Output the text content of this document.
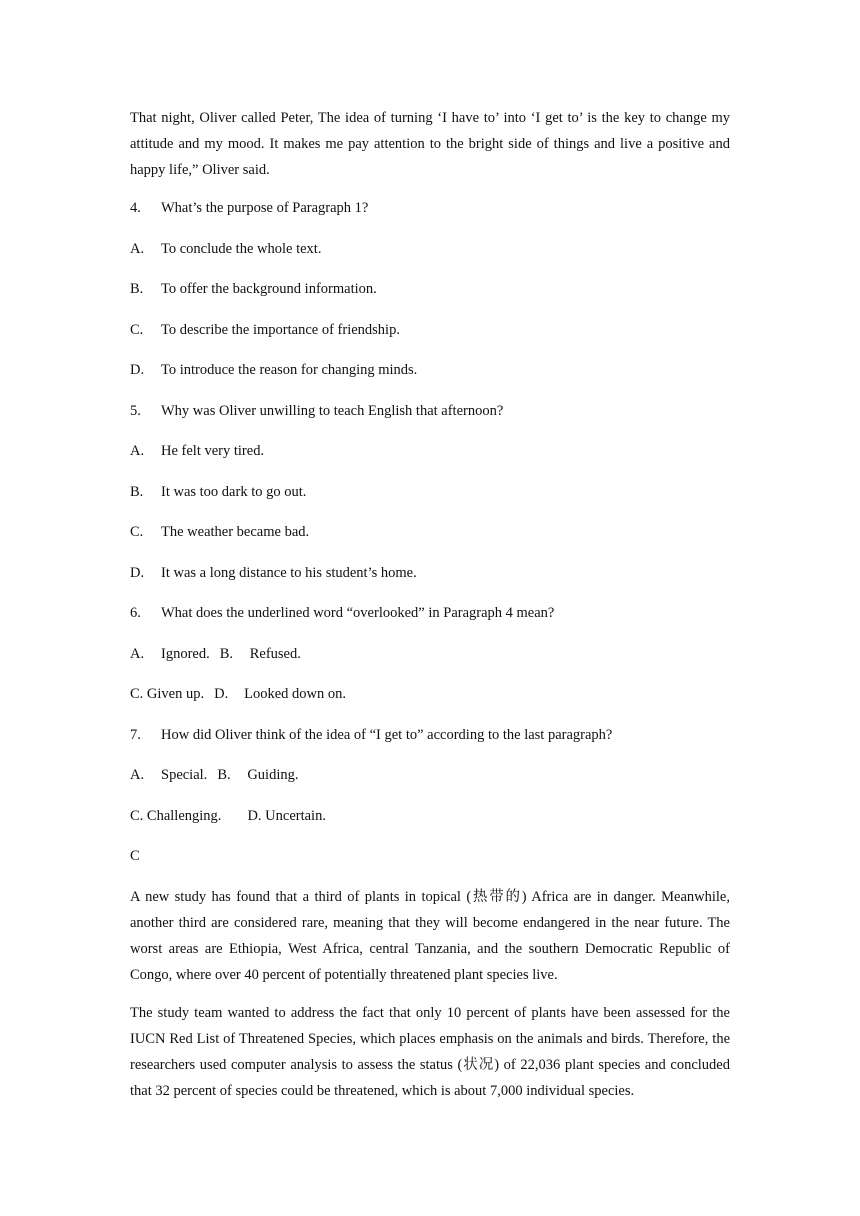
That night, Oliver called Peter, The idea of turning ‘I have to’ into ‘I get to’ is the key to change my attitude and my mood. It makes me pay attention to the bright side of things and live a positive and happy life,” Oliver said.

4. What’s the purpose of Paragraph 1?
A. To conclude the whole text.
B. To offer the background information.
C. To describe the importance of friendship.
D. To introduce the reason for changing minds.
5. Why was Oliver unwilling to teach English that afternoon?
A. He felt very tired.
B. It was too dark to go out.
C. The weather became bad.
D. It was a long distance to his student’s home.
6. What does the underlined word “overlooked” in Paragraph 4 mean?
A. Ignored. B. Refused.
C. Given up. D. Looked down on.
7. How did Oliver think of the idea of “I get to” according to the last paragraph?
A. Special. B. Guiding.
C. Challenging. D. Uncertain.
C

A new study has found that a third of plants in topical (热带的) Africa are in danger. Meanwhile, another third are considered rare, meaning that they will become endangered in the near future. The worst areas are Ethiopia, West Africa, central Tanzania, and the southern Democratic Republic of Congo, where over 40 percent of potentially threatened plant species live.

The study team wanted to address the fact that only 10 percent of plants have been assessed for the IUCN Red List of Threatened Species, which places emphasis on the animals and birds. Therefore, the researchers used computer analysis to assess the status (状况) of 22,036 plant species and concluded that 32 percent of species could be threatened, which is about 7,000 individual species.
